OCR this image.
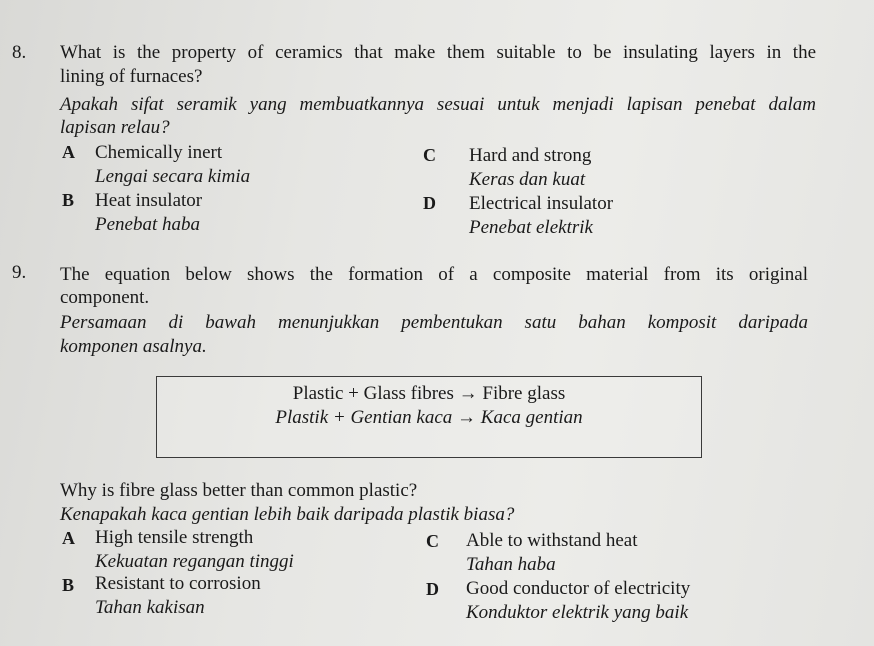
8. What is the property of ceramics that make them suitable to be insulating layers in the
lining of furnaces?
Apakah sifat seramik yang membuatkannya sesuai untuk menjadi lapisan penebat dalam
lapisan relau?
A Chemically inert
Lengai secara kimia
B Heat insulator
Penebat haba
C Hard and strong
Keras dan kuat
D Electrical insulator
Penebat elektrik
9. The equation below shows the formation of a composite material from its original
component.
Persamaan di bawah menunjukkan pembentukan satu bahan komposit daripada
komponen asalnya.
Plastic + Glass fibres → Fibre glass
Plastik + Gentian kaca → Kaca gentian
Why is fibre glass better than common plastic?
Kenapakah kaca gentian lebih baik daripada plastik biasa?
A High tensile strength
Kekuatan regangan tinggi
B Resistant to corrosion
Tahan kakisan
C Able to withstand heat
Tahan haba
D Good conductor of electricity
Konduktor elektrik yang baik
